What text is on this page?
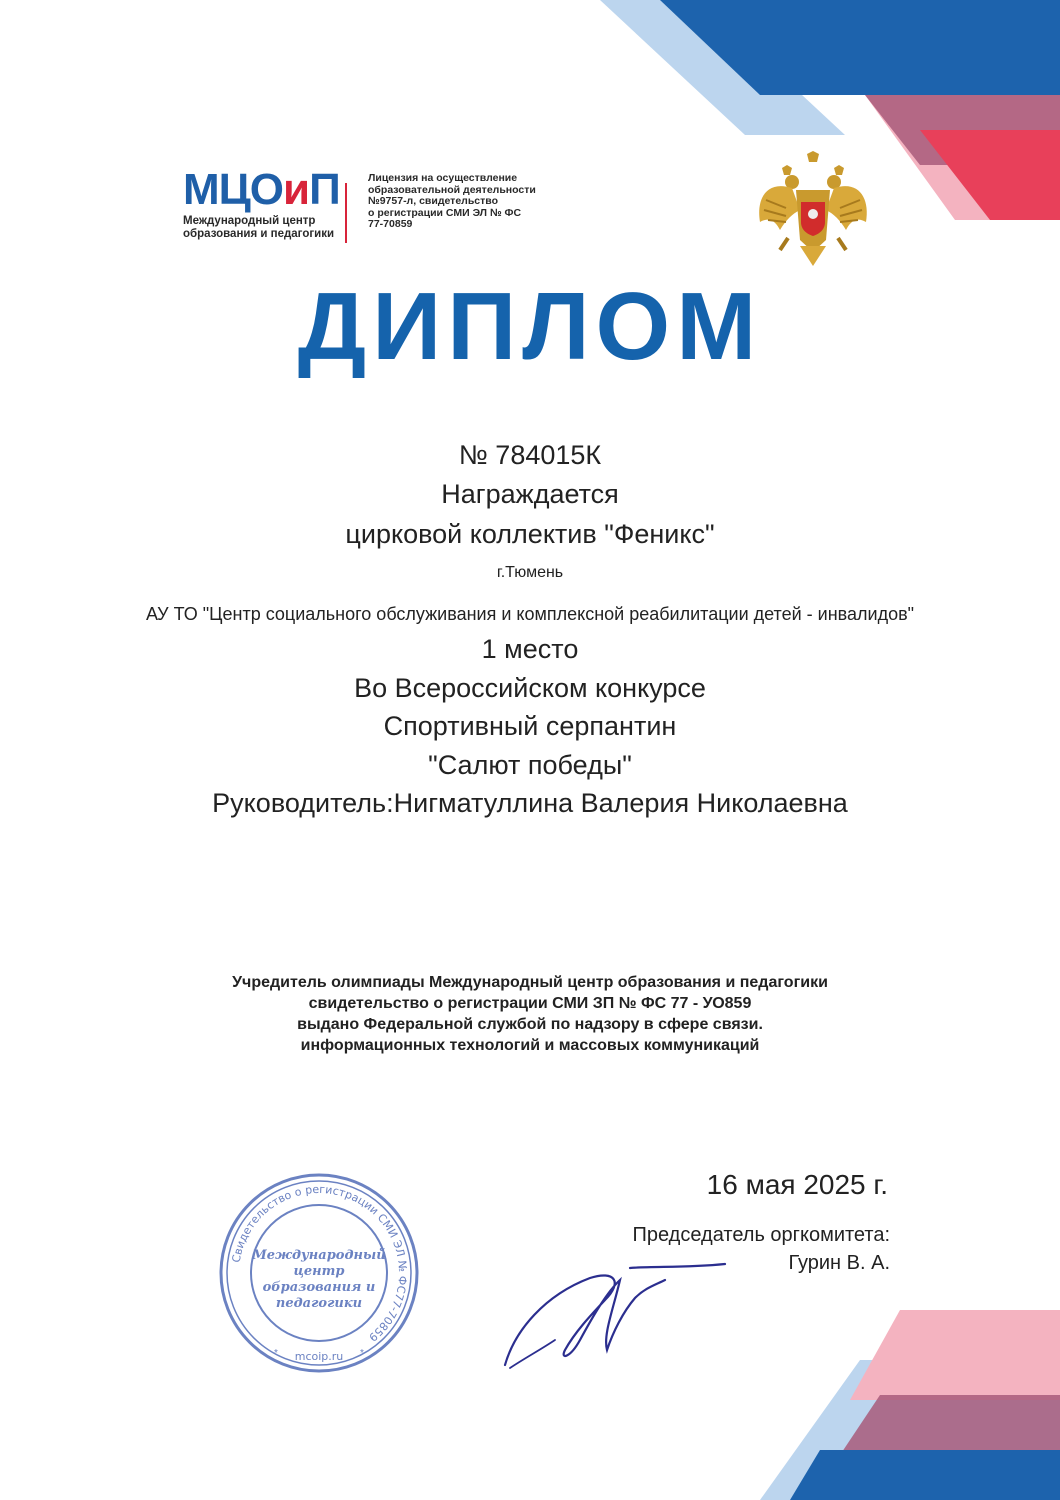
МЦОиП
Международный центр
образования и педагогики
Лицензия на осуществление
образовательной деятельности
№9757-л, свидетельство
о регистрации СМИ ЭЛ № ФС
77-70859
ДИПЛОМ
№ 784015К
Награждается
цирковой коллектив "Феникс"
г.Тюмень
АУ ТО "Центр социального обслуживания и комплексной реабилитации детей - инвалидов"
1 место
Во Всероссийском конкурсе
Спортивный серпантин
"Салют победы"
Руководитель:Нигматуллина Валерия Николаевна
Учредитель олимпиады Международный центр образования и педагогики
свидетельство о регистрации СМИ ЗП № ФС 77 - УО859
выдано Федеральной службой по надзору в сфере связи.
информационных технологий и массовых коммуникаций
16 мая 2025 г.
Председатель оргкомитета:
Гурин В. А.
Свидетельство о регистрации СМИ ЭЛ № ФС77-70859
Международный
центр
образования и
педагогики
mcoip.ru
*	*
